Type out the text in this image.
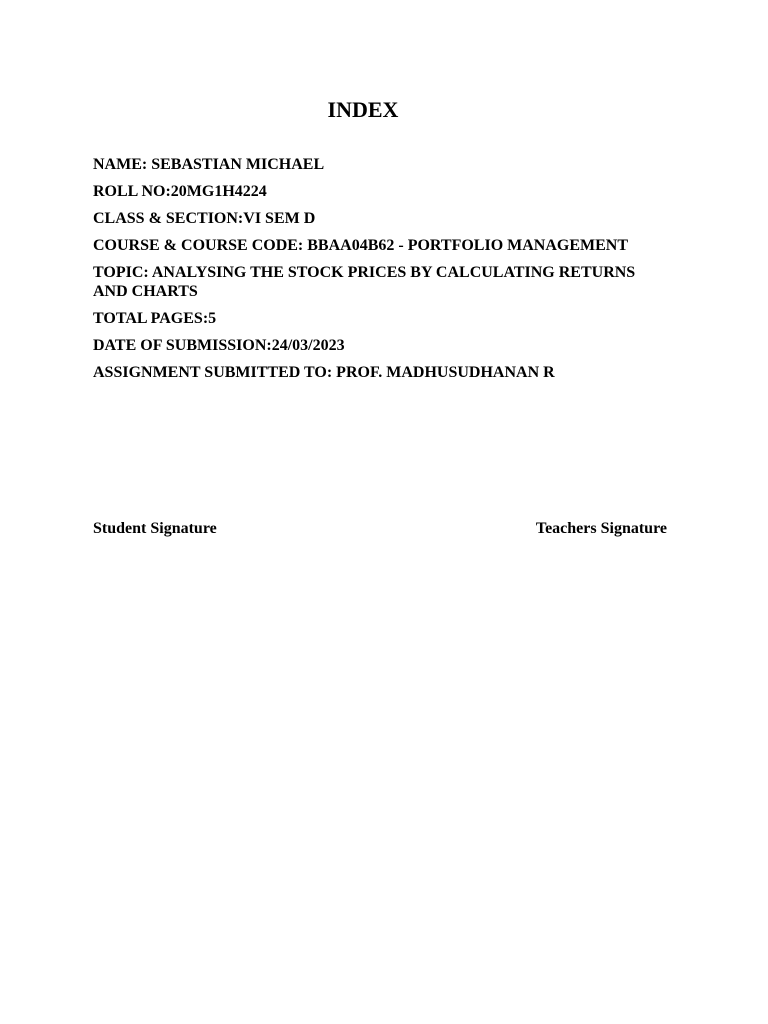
INDEX
NAME: SEBASTIAN MICHAEL
ROLL NO:20MG1H4224
CLASS & SECTION:VI SEM D
COURSE & COURSE CODE: BBAA04B62 - PORTFOLIO MANAGEMENT
TOPIC: ANALYSING THE STOCK PRICES BY CALCULATING RETURNS AND CHARTS
TOTAL PAGES:5
DATE OF SUBMISSION:24/03/2023
ASSIGNMENT SUBMITTED TO: PROF. MADHUSUDHANAN R
Student Signature	Teachers Signature
